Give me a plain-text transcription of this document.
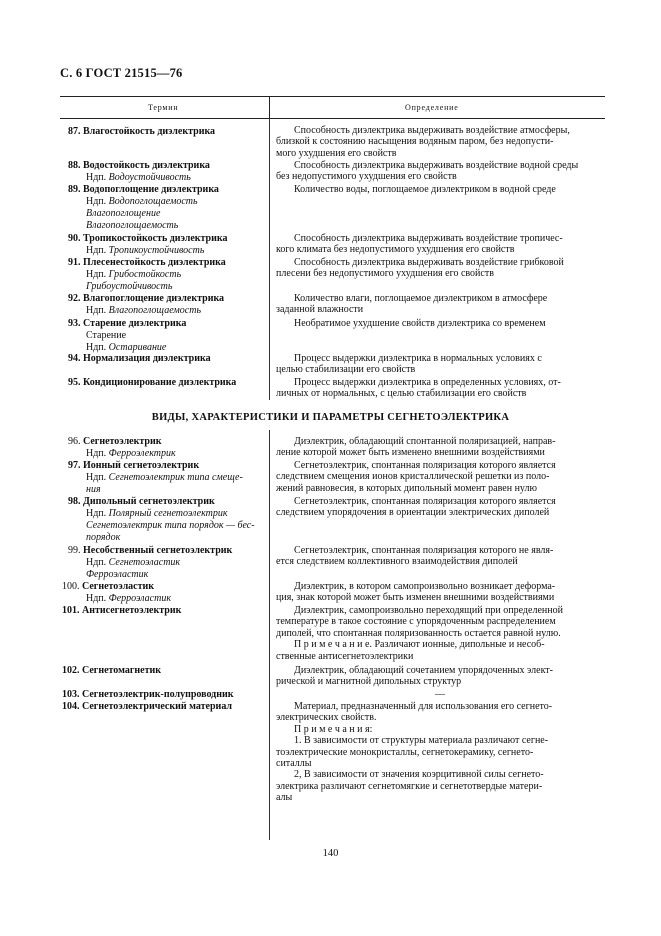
С. 6 ГОСТ 21515—76
Термин	Определение
ВИДЫ, ХАРАКТЕРИСТИКИ И ПАРАМЕТРЫ СЕГНЕТОЭЛЕКТРИКА
87. Влагостойкость диэлектрика
88. Водостойкость диэлектрика
Ндп. Водоустойчивость
89. Водопоглощение диэлектрика
Ндп. Водопоглощаемость
Влагопоглощение
Влагопоглощаемость
90. Тропикостойкость диэлектрика
Ндп. Тропикоустойчивость
91. Плесенестойкость диэлектрика
Ндп. Грибостойкость
Грибоустойчивость
92. Влагопоглощение диэлектрика
Ндп. Влагопоглощаемость
93. Старение диэлектрика
Старение
Ндп. Остаривание
94. Нормализация диэлектрика
95. Кондиционирование диэлектрика
96. Сегнетоэлектрик
Ндп. Ферроэлектрик
97. Ионный сегнетоэлектрик
Ндп. Сегнетоэлектрик типа смеще-
ния
98. Дипольный сегнетоэлектрик
Ндп. Полярный сегнетоэлектрик
Сегнетоэлектрик типа порядок — бес-
порядок
99. Несобственный сегнетоэлектрик
Ндп. Сегнетоэластик
Ферроэластик
100. Сегнетоэластик
Ндп. Ферроэластик
101. Антисегнетоэлектрик
102. Сегнетомагнетик
103. Сегнетоэлектрик-полупроводник
104. Сегнетоэлектрический материал
Способность диэлектрика выдерживать воздействие атмосферы,
близкой к состоянию насыщения водяным паром, без недопусти-
мого ухудшения его свойств
Способность диэлектрика выдерживать воздействие водной среды
без недопустимого ухудшения его свойств
Количество воды, поглощаемое диэлектриком в водной среде
Способность диэлектрика выдерживать воздействие тропичес-
кого климата без недопустимого ухудшения его свойств
Способность диэлектрика выдерживать воздействие грибковой
плесени без недопустимого ухудшения его свойств
Количество влаги, поглощаемое диэлектриком в атмосфере
заданной влажности
Необратимое ухудшение свойств диэлектрика со временем
Процесс выдержки диэлектрика в нормальных условиях с
целью стабилизации его свойств
Процесс выдержки диэлектрика в определенных условиях, от-
личных от нормальных, с целью стабилизации его свойств
Диэлектрик, обладающий спонтанной поляризацией, направ-
ление которой может быть изменено внешними воздействиями
Сегнетоэлектрик, спонтанная поляризация которого является
следствием смещения ионов кристаллической решетки из поло-
жений равновесия, в которых дипольный момент равен нулю
Сегнетоэлектрик, спонтанная поляризация которого является
следствием упорядочения в ориентации электрических диполей
Сегнетоэлектрик, спонтанная поляризация которого не явля-
ется следствием коллективного взаимодействия диполей
Диэлектрик, в котором самопроизвольно возникает деформа-
ция, знак которой может быть изменен внешними воздействиями
Диэлектрик, самопроизвольно переходящий при определенной
температуре в такое состояние с упорядоченным распределением
диполей, что спонтанная поляризованность остается равной нулю.
П р и м е ч а н и е. Различают ионные, дипольные и несоб-
ственные антисегнетоэлектрики
Диэлектрик, обладающий сочетанием упорядоченных элект-
рической и магнитной дипольных структур
Материал, предназначенный для использования его сегнето-
электрических свойств.
П р и м е ч а н и я:
1. В зависимости от структуры материала различают сегне-
тоэлектрические монокристаллы, сегнетокерамику, сегнето-
ситаллы
2, В зависимости от значения коэрцитивной силы сегнето-
электрика различают сегнетомягкие и сегнетотвердые матери-
алы
—
140
